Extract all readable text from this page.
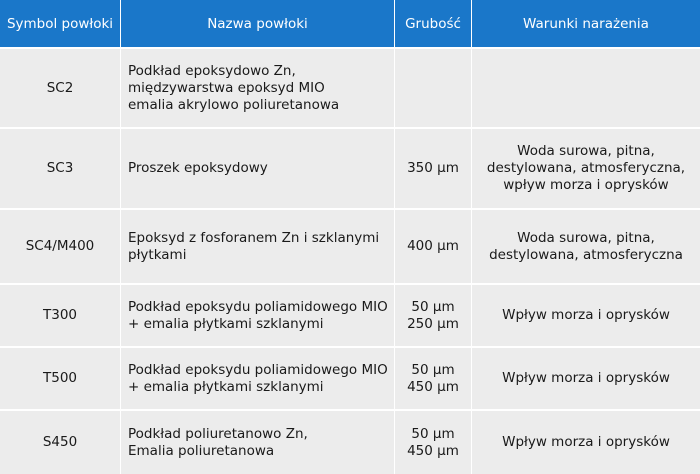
Symbol powłoki	Nazwa powłoki	Grubość	Warunki narażenia
SC2	Podkład epoksydowo Zn,
międzywarstwa epoksyd MIO
emalia akrylowo poliuretanowa		

SC3	Proszek epoksydowy	350 µm	Woda surowa, pitna,
destylowana, atmosferyczna,
wpływ morza i oprysków

SC4/M400	Epoksyd z fosforanem Zn i szklanymi
płytkami	400 µm	Woda surowa, pitna,
destylowana, atmosferyczna

T300	Podkład epoksydu poliamidowego MIO
+ emalia płytkami szklanymi	50 µm
250 µm	Wpływ morza i oprysków

T500	Podkład epoksydu poliamidowego MIO
+ emalia płytkami szklanymi	50 µm
450 µm	Wpływ morza i oprysków

S450	Podkład poliuretanowo Zn,
Emalia poliuretanowa	50 µm
450 µm	Wpływ morza i oprysków
